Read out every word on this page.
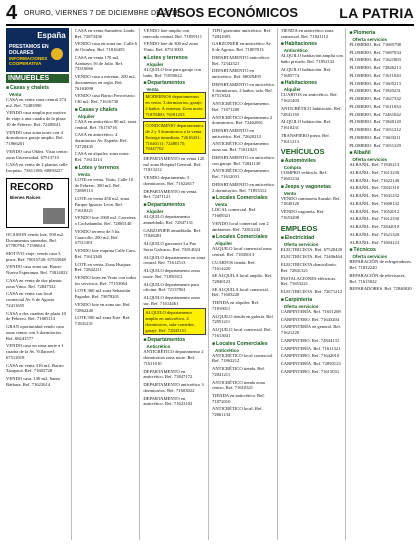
4 ORURO, VIERNES 7 DE DICIEMBRE DE 2018
AVISOS ECONÓMICOS	LA PATRIA
España
PRESTAMOS EN DOLARES
INFORMACIONES COOPERATIVA
INMUEBLES
■ Casas y chalets
Venta

CASA en venta zona central 274 m2. Ref. 72483990

VENDO casa amplia por motivo de viaje a una cuadra de la plaza 10 de Febrero. Ref. 72485611

VENDO casa zona norte con 4 dormitorios garaje amplio. Ref. 71866201

VENDO casa Oblea. Vista centro zona Universidad. 67513710

CASA en venta de 2 plantas calle Iroquizo. 73611180; 68050227

RECORD
Bienes Raíces

OCASION vendo lote. 500 m2. Documentos saneados. Ref. 67780794; 71506614

MOTIVO viaje, vendo casa 3 pisos. Ref. 70015740; 67533048

VENDO casa zona sur. Barrio Nueva Esperanza. Ref. 73814022

CASA en venta de dos plantas zona Vinto. Ref. 72847332

CASA en venta con local comercial Av. 6 de Agosto. 72411655

CASA a dos cuadras de plaza 10 de Febrero. Ref. 71605113

GRAN oportunidad vendo casa zona centro con 3 dormitorios. Ref. 68241577

VENDO casa en zona norte a 1 cuadra de la Av. Villarroel. 67512018

CASA en venta 316 m2. Barrio Tarapacá. Ref. 71603728

VENDO casa. 130 m2. Santa Bárbara. Ref. 71622614

CASA en venta Sumidero Lindo. Ref. 72873436

VENDO casa en zona sur. Calle 6 de Octubre. Ref. 71816455

CASA en venta 170 m2. Aramayo 16 de Julio. Ref. 73310066

VENDO casa a estrenar, 200 m2, documentos en regla. Ref. 76163098

VENDO casa Barrio Ferroviario. 130 m2. Ref. 71616730

■ Casas y chalets
Alquiler

CASA en anticrético 80 m2, zona central. Ref. 76176716

CASA en anticrético, 4 dormitorios Av. España. Ref. 72720435

CASA en alquiler, zona norte. Ref. 71613214

■ Lotes y terrenos
Venta

LOTE en venta. Vinto, Calle 10 de Febrero, 300 m2. Ref. 72869113

LOTE en venta 450 m2, zona Parque Ignacio León. Ref. 71618221

VENDO lote 1000 m2. Carretera a Cochabamba. Ref. 72865140

VENDO terreno de 5 ha. Caracollo, 200 m2. Ref. 67511301

VENDO lote esquina Calle Caro. Ref. 71613340

LOTE en venta. Zona Huajara. Ref. 72842211

VENDO lotes en Vinto con todos los servicios. Ref. 77153064

LOTE 360 m2 zona Sebastián Pagador. Ref. 73878201

VENDO lote en zona sur. Ref. 72862240

LOTE 500 m2 zona Este. Ref. 71841231

VENDO lote amplio con mercado central. Ref. 71859111

VENDO lote de 300 m2 zona Vinto. Ref. 67513003

■ Lotes y terrenos
Alquiler

ALQUILO lote para garaje con baño. Ref. 71850622

■ Departamentos
Venta

MODERNOS departamentos en venta. 3 dormitorios, garaje, 2 baños. A estrenar. Zona norte. 71870400; 76181233

CONDOMINIO departamentos de 2 y 3 dormitorios a la venta. Entrega inmediata. 72616431; 71640111; 72480175; 70447702

DEPARTAMENTO en venta 120 m2 zona Hospital General. Ref. 71813212

VENDO departamento 3 dormitorios. Ref. 71622617

DEPARTAMENTO en venta. Ref. 72471121

■ Departamentos
Alquiler

ALQUILO departamento amueblado. Ref. 72847131

GARZONIER amueblado. Ref. 71846281

ALQUILO garzonier La Paz Soria Galvarro. Ref. 73814024

ALQUILO departamento en zona central. Ref. 71612513

ALQUILO departamento zona norte. Ref. 71850312

ALQUILO departamento para oficina. Ref. 72137961

ALQUILO departamento zona sur. Ref. 71614461

ALQUILO departamento amplio en anticrético, 4 dormitorios, sala-comedor, garaje. Ref. 72845151

■ Departamentos
Anticrético

ANTICRÉTICO departamento 2 dormitorios zona norte. Ref. 71611010

DEPARTAMENTO en anticrético. Ref. 73847172

DEPARTAMENTO anticrético 3 dormitorios. Ref. 71603022

DEPARTAMENTO en anticrético. Ref. 71623102

TIPO garzonier anticrético. Ref. 72841005

GARZONIER en anticrético Av. 6 de Agosto. Ref. 71807813

DEPARTAMENTO anticrético. Ref. 72342321

DEPARTAMENTO en anticrético. Ref. 68029495

DEPARTAMENTO en anticrético 3 dormitorios, 2 baños, sala. Ref. 67513024

ANTICRÉTICO departamento. Ref. 71871200

ANTICRÉTICO departamento 2 dormitorios. Ref. 72462061

DEPARTAMENTO en anticrético. Ref. 72620212

ANTICRÉTICO departamento zona sur. Ref. 71611023

DEPARTAMENTO en anticrético con garaje. Ref. 72841130

ANTICRÉTICO departamento. Ref. 71612031

DEPARTAMENTO en anticrético 2 dormitorios. Ref. 71853312

■ Locales Comerciales
Venta

LOCAL comercial. Ref. 71608321

VENDO local comercial con 2 ambientes. Ref. 72812242

■ Locales Comerciales
Alquiler

ALQUILO local comercial zona central. Ref. 71845013

CUARTOS tienda. Ref. 71614220

SE ALQUILA local amplio. Ref. 72840123

SE ALQUILA local comercial. Ref. 71603220

TIENDA en alquiler. Ref. 71810011

ALQUILO tienda en galería. Ref. 72851211

ALQUILO local comercial. Ref. 71613041

■ Locales Comerciales
Anticrético

ANTICRÉTICO local comercial. Ref. 71862212

ANTICRÉTICO tienda. Ref. 72841211

ANTICRÉTICO tienda zona centro. Ref. 71610321

TIENDA en anticrético. Ref. 71872010

ANTICRÉTICO local. Ref. 72861134

TIENDA en anticrético zona comercial. Ref. 71821112

■ Habitaciones
Anticrético

ALQUILO habitación amplia con baño privado. Ref. 71852132

ALQUILO habitación. Ref. 71685774

■ Habitaciones
Alquiler

CUARTOS en anticrético. Ref. 71621403

ANTICRÉTICO habitación. Ref. 72841130

ALQUILO habitación. Ref. 71610231

TRANSFIERO pieza. Ref. 71611213

VEHÍCULOS
■ Automóviles
Compra

COMPRO vehículo. Ref. 71601234

■ Jeeps y vagonetas
Venta

VENDO camioneta Suzuki. Ref. 71840120

VENDO vagoneta. Ref. 71653208

EMPLEOS
■ Electricidad
Oferta servicios

ELECTRICISTA. Ref. 67520420

ELECTRICISTA. Ref. 72406464

ELECTRICISTA domiciliario. Ref. 72841321

INSTALACIONES eléctricas. Ref. 71653221

ELECTRICISTA. Ref. 72671212

■ Carpintería
Oferta servicios

CARPINTERÍA. Ref. 71651208

CARPINTERO. Ref. 71643204

CARPINTERÍA en general. Ref. 71621220

CARPINTERO. Ref. 72844131

CARPINTERÍA. Ref. 71611321

CARPINTERO. Ref. 71642010

CARPINTERÍA. Ref. 72850123

CARPINTERO. Ref. 71615031

■ Plomería
Oferta servicios

PLOMERO. Ref. 71685798

PLOMERO. Ref. 71687034

PLOMERO. Ref. 71621803

PLOMERO. Ref. 72846213

PLOMERO. Ref. 71611020

PLOMERO. Ref. 71605213

PLOMERO. Ref. 71845231

PLOMERO. Ref. 71627332

PLOMERO. Ref. 71611034

PLOMERO. Ref. 72461042

PLOMERO. Ref. 71840120

PLOMERO. Ref. 71651212

PLOMERO. Ref. 71603211

PLOMERO. Ref. 71651229

■ Albañil
Oferta servicios

ALBAÑIL. Ref. 71845213

ALBAÑIL. Ref. 71613230

ALBAÑIL. Ref. 71622140

ALBAÑIL. Ref. 72841310

ALBAÑIL. Ref. 71641232

ALBAÑIL. Ref. 71600132

ALBAÑIL. Ref. 71652012

ALBAÑIL. Ref. 71612330

ALBAÑIL. Ref. 72842010

ALBAÑIL. Ref. 71621320

ALBAÑIL. Ref. 71604123

■ Técnicos
Oferta servicios

REPARACIÓN de refrigeradores. Ref. 71832220

REPARACIÓN de televisores. Ref. 71615022

REPARADORES. Ref. 72840020
